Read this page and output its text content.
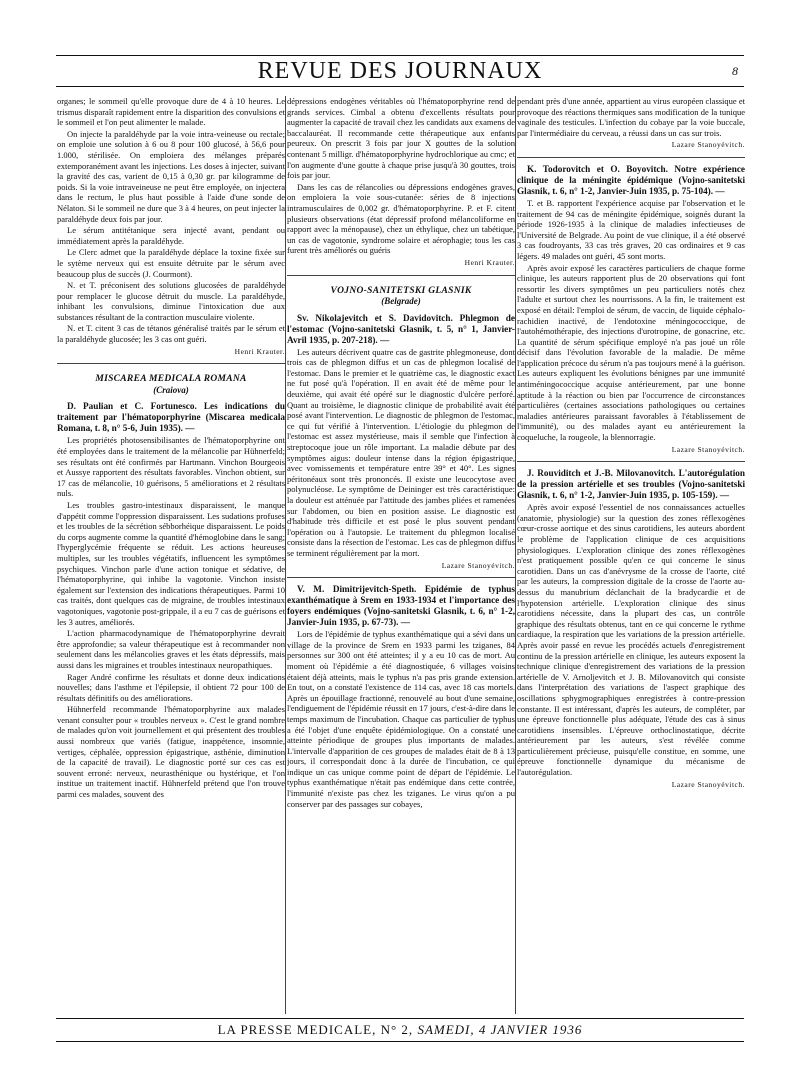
REVUE DES JOURNAUX	8

organes; le sommeil qu'elle provoque dure de 4 à 10 heures. Le trismus disparaît rapidement entre la disparition des convulsions et le sommeil et l'on peut alimenter le malade.

On injecte la paraldéhyde par la voie intra-veineuse ou rectale; on emploie une solution à 6 ou 8 pour 100 glucosé, à 56,6 pour 1.000, stérilisée. On emploiera des mélanges préparés extemporanément avant les injections. Les doses à injecter, suivant la gravité des cas, varient de 0,15 à 0,30 gr. par kilogramme de poids. Si la voie intraveineuse ne peut être employée, on injectera dans le rectum, le plus haut possible à l'aide d'une sonde de Nélaton. Si le sommeil ne dure que 3 à 4 heures, on peut injecter la paraldéhyde deux fois par jour.

Le sérum antitétanique sera injecté avant, pendant ou immédiatement après la paraldéhyde.

Le Clerc admet que la paraldéhyde déplace la toxine fixée sur le sytème nerveux qui est ensuite détruite par le sérum avec beaucoup plus de succès (J. Courmont).

N. et T. préconisent des solutions glucosées de paraldéhyde pour remplacer le glucose détruit du muscle. La paraldéhyde, inhibant les convulsions, diminue l'intoxication due aux substances résultant de la contraction musculaire violente.

N. et T. citent 3 cas de tétanos généralisé traités par le sérum et la paraldéhyde glucosée; les 3 cas ont guéri.

Henri Krauter.
MISCAREA MEDICALA ROMANA
(Craiova)

D. Paulian et C. Fortunesco. Les indications du traitement par l'hématoporphyrine (Miscarea medicala Romana, t. 8, n° 5-6, Juin 1935). —

Les propriétés photosensibilisantes de l'hématoporphyrine ont été employées dans le traitement de la mélancolie par Hühnerfeld; ses résultats ont été confirmés par Hartmann. Vinchon Bourgeois et Aussye rapportent des résultats favorables. Vinchon obtient, sur 17 cas de mélancolie, 10 guérisons, 5 améliorations et 2 résultats nuls.

Les troubles gastro-intestinaux disparaissent, le manque d'appétit comme l'oppression disparaissent. Les sudations profuses et les troubles de la sécrétion sébborhéique disparaissent. Le poids du corps augmente comme la quantité d'hémoglobine dans le sang; l'hyperglycémie fréquente se réduit. Les actions heureuses multiples, sur les troubles végétatifs, influencent les symptômes psychiques. Vinchon parle d'une action tonique et sédative, de l'hématoporphyrine, qui inhibe la vagotonie. Vinchon insiste également sur l'extension des indications thérapeutiques. Parmi 10 cas traités, dont quelques cas de migraine, de troubles intestinaux vagotoniques, vagotonie post-grippale, il a eu 7 cas de guérisons et les 3 autres, améliorés.

L'action pharmacodynamique de l'hématoporphyrine devrait être approfondie; sa valeur thérapeutique est à recommander non seulement dans les mélancolies graves et les états dépressifs, mais aussi dans les migraines et troubles intestinaux neuropathiques.

Rager André confirme les résultats et donne deux indications nouvelles; dans l'asthme et l'épilepsie, il obtient 72 pour 100 de résultats définitifs ou des améliorations.

Hühnerfeld recommande l'hématoporphyrine aux malades venant consulter pour « troubles nerveux ». C'est le grand nombre de malades qu'on voit journellement et qui présentent des troubles aussi nombreux que variés (fatigue, inappétence, insomnie, vertiges, céphalée, oppression épigastrique, asthénie, diminution de la capacité de travail). Le diagnostic porté sur ces cas est souvent erroné: nerveux, neurasthénique ou hystérique, et l'on institue un traitement inactif. Hühnerfeld prétend que l'on trouve parmi ces malades, souvent des

dépressions endogènes véritables où l'hématoporphyrine rend de grands services. Cimbal a obtenu d'excellents résultats pour augmenter la capacité de travail chez les candidats aux examens de baccalauréat. Il recommande cette thérapeutique aux enfants peureux. On prescrit 3 fois par jour X gouttes de la solution contenant 5 milligr. d'hématoporphyrine hydrochlorique au cmc; et l'on augmente d'une goutte à chaque prise jusqu'à 30 gouttes, trois fois par jour.

Dans les cas de rélancolies ou dépressions endogènes graves, on emploiera la voie sous-cutanée: séries de 8 injections intramusculaires de 0,002 gr. d'hématoporphyrine. P. et F. citent plusieurs observations (état dépressif profond mélancoliforme en rapport avec la ménopause), chez un éthylique, chez un tabétique, un cas de vagotonie, syndrome solaire et aérophagie; tous les cas furent très améliorés ou guéris

Henri Krauter.
VOJNO-SANITETSKI GLASNIK
(Belgrade)

Sv. Nikolajevitch et S. Davidovitch. Phlegmon de l'estomac (Vojno-sanitetski Glasnik, t. 5, n° 1, Janvier-Avril 1935, p. 207-218). —

Les auteurs décrivent quatre cas de gastrite phlegmoneuse, dont trois cas de phlegmon diffus et un cas de phlegmon localisé de l'estomac. Dans le premier et le quatrième cas, le diagnostic exact ne fut posé qu'à l'opération. Il en avait été de même pour le deuxième, qui avait été opéré sur le diagnostic d'ulcère perforé. Quant au troisième, le diagnostic clinique de probabilité avait été posé avant l'intervention. Le diagnostic de phlegmon de l'estomac, ce qui fut vérifié à l'intervention. L'étiologie du phlegmon de l'estomac est assez mystérieuse, mais il semble que l'infection à streptocoque joue un rôle important. La maladie débute par des symptômes aigus: douleur intense dans la région épigastrique, avec vomissements et température entre 39° et 40°. Les signes péritonéaux sont très prononcés. Il existe une leucocytose avec polynucléose. Le symptôme de Deininger est très caractéristique: la douleur est atténuée par l'attitude des jambes pliées et ramenées sur l'abdomen, ou bien en position assise. Le diagnostic est d'habitude très difficile et est posé le plus souvent pendant l'opération ou à l'autopsie. Le traitement du phlegmon localisé consiste dans la résection de l'estomac. Les cas de phlegmon diffus se terminent régulièrement par la mort.

Lazare Stanoyévitch.

V. M. Dimitrijevitch-Speth. Epidémie de typhus exanthématique à Srem en 1933-1934 et l'importance des foyers endémiques (Vojno-sanitetski Glasnik, t. 6, n° 1-2, Janvier-Juin 1935, p. 67-73). —

Lors de l'épidémie de typhus exanthématique qui a sévi dans un village de la province de Srem en 1933 parmi les tziganes, 84 personnes sur 300 ont été atteintes; il y a eu 10 cas de mort. Au moment où l'épidémie a été diagnostiquée, 6 villages voisins étaient déjà atteints, mais le typhus n'a pas pris grande extension. En tout, on a constaté l'existence de 114 cas, avec 18 cas mortels. Après un épouillage fractionné, renouvelé au bout d'une semaine, l'endiguement de l'épidémie réussit en 17 jours, c'est-à-dire dans le temps maximum de l'incubation. Chaque cas particulier de typhus a été l'objet d'une enquête épidémiologique. On a constaté une atteinte périodique de groupes plus importants de malades. L'intervalle d'apparition de ces groupes de malades était de 8 à 13 jours, il correspondait donc à la durée de l'incubation, ce qui indique un cas unique comme point de départ de l'épidémie. Le typhus exanthématique n'était pas endémique dans cette contrée, l'immunité n'existe pas chez les tziganes. Le virus qu'on a pu conserver par des passages sur cobayes,

pendant près d'une année, appartient au virus européen classique et provoque des réactions thermiques sans modification de la tunique vaginale des testicules. L'infection du cobaye par la voie buccale, par l'intermédiaire du cerveau, a réussi dans un cas sur trois.

Lazare Stanoyévitch.

K. Todorovitch et O. Boyovitch. Notre expérience clinique de la méningite épidémique (Vojno-sanitetski Glasnik, t. 6, n° 1-2, Janvier-Juin 1935, p. 75-104). —

T. et B. rapportent l'expérience acquise par l'observation et le traitement de 94 cas de méningite épidémique, soignés durant la période 1926-1935 à la clinique de maladies infectieuses de l'Université de Belgrade. Au point de vue clinique, il a été observé 3 cas foudroyants, 33 cas très graves, 20 cas ordinaires et 9 cas légers. 49 malades ont guéri, 45 sont morts.

Après avoir exposé les caractères particuliers de chaque forme clinique, les auteurs rapportent plus de 20 observations qui font ressortir les divers symptômes un peu particuliers notés chez l'adulte et surtout chez les nourrissons. A la fin, le traitement est exposé en détail: l'emploi de sérum, de vaccin, de liquide céphalo-rachidien inactivé, de l'endotoxine méningococcique, de l'autohémothérapie, des injections d'urotropine, de gonacrine, etc. La quantité de sérum spécifique employé n'a pas joué un rôle décisif dans l'évolution favorable de la maladie. De même l'application précoce du sérum n'a pas toujours mené à la guérison. Les auteurs expliquent les évolutions bénignes par une immunité antiméningococcique acquise antérieurement, par une bonne aptitude à la réaction ou bien par l'occurrence de circonstances particulières (certaines associations pathologiques ou certaines maladies antérieures paraissant favorables à l'établissement de l'immunité), ou des malades ayant eu antérieurement la coqueluche, la rougeole, la blennorragie.

Lazare Stanoyévitch.

J. Rouviditch et J.-B. Milovanovitch. L'autorégulation de la pression artérielle et ses troubles (Vojno-sanitetski Glasnik, t. 6, n° 1-2, Janvier-Juin 1935, p. 105-159). —

Après avoir exposé l'essentiel de nos connaissances actuelles (anatomie, physiologie) sur la question des zones réflexogènes cœur-crosse aortique et des sinus carotidiens, les auteurs abordent le problème de l'application clinique de ces acquisitions physiologiques. L'exploration clinique des zones réflexogènes n'est pratiquement possible qu'en ce qui concerne le sinus carotidien. Dans un cas d'anévrysme de la crosse de l'aorte, cité par les auteurs, la compression digitale de la crosse de l'aorte au-dessus du manubrium déclanchait de la bradycardie et de l'hypotension artérielle. L'exploration clinique des sinus carotidiens nécessite, dans la plupart des cas, un contrôle graphique des résultats obtenus, tant en ce qui concerne le rythme cardiaque, la respiration que les variations de la pression artérielle. Après avoir passé en revue les procédés actuels d'enregistrement continu de la pression artérielle en clinique, les auteurs exposent la technique clinique d'enregistrement des variations de la pression artérielle de V. Arnoljevitch et J. B. Milovanovitch qui consiste dans l'interprétation des variations de l'aspect graphique des oscillations sphygmographiques enregistrées à contre-pression constante. Il est intéressant, d'après les auteurs, de compléter, par une épreuve fonctionnelle plus adéquate, l'étude des cas à sinus carotidiens insensibles. L'épreuve orthoclinostatique, décrite antérieurement par les auteurs, s'est révélée comme particulièrement précieuse, puisqu'elle constitue, en somme, une épreuve fonctionnelle dynamique du mécanisme de l'autorégulation.

Lazare Stanoyévitch.
LA PRESSE MEDICALE, N° 2, SAMEDI, 4 JANVIER 1936
